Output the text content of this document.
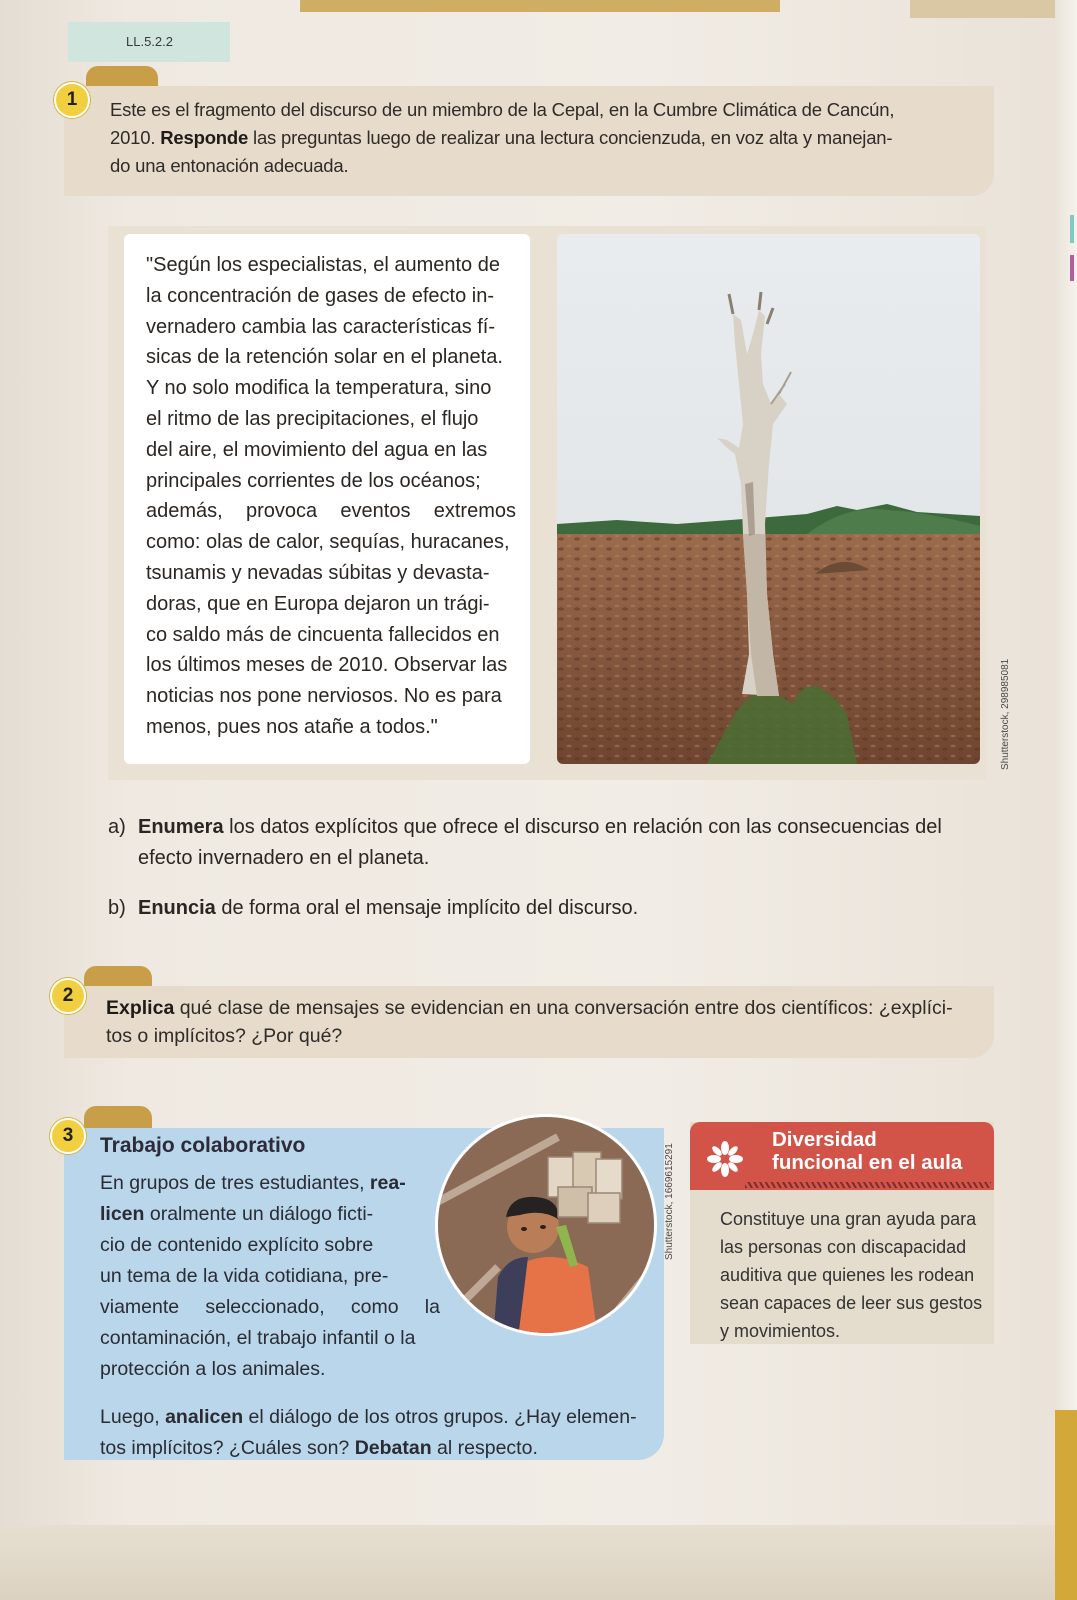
LL.5.2.2
1	Este es el fragmento del discurso de un miembro de la Cepal, en la Cumbre Climática de Cancún,
2010. Responde las preguntas luego de realizar una lectura concienzuda, en voz alta y manejan-
do una entonación adecuada.
"Según los especialistas, el aumento de
la concentración de gases de efecto in-
vernadero cambia las características fí-
sicas de la retención solar en el planeta.
Y no solo modifica la temperatura, sino
el ritmo de las precipitaciones, el flujo
del aire, el movimiento del agua en las
principales corrientes de los océanos;
además, provoca eventos extremos
como: olas de calor, sequías, huracanes,
tsunamis y nevadas súbitas y devasta-
doras, que en Europa dejaron un trági-
co saldo más de cincuenta fallecidos en
los últimos meses de 2010. Observar las
noticias nos pone nerviosos. No es para
menos, pues nos atañe a todos."	Shutterstock, 298985081
a) Enumera los datos explícitos que ofrece el discurso en relación con las consecuencias del
efecto invernadero en el planeta.
b) Enuncia de forma oral el mensaje implícito del discurso.
2
Explica qué clase de mensajes se evidencian en una conversación entre dos científicos: ¿explíci-
tos o implícitos? ¿Por qué?
3	Trabajo colaborativo
En grupos de tres estudiantes, rea-
licen oralmente un diálogo ficti-
cio de contenido explícito sobre
un tema de la vida cotidiana, pre-
viamente seleccionado, como la
contaminación, el trabajo infantil o la
protección a los animales.
Luego, analicen el diálogo de los otros grupos. ¿Hay elemen-
tos implícitos? ¿Cuáles son? Debatan al respecto.
Shutterstock, 1669615291
Diversidad
funcional en el aula
Constituye una gran ayuda para
las personas con discapacidad
auditiva que quienes les rodean
sean capaces de leer sus gestos
y movimientos.
